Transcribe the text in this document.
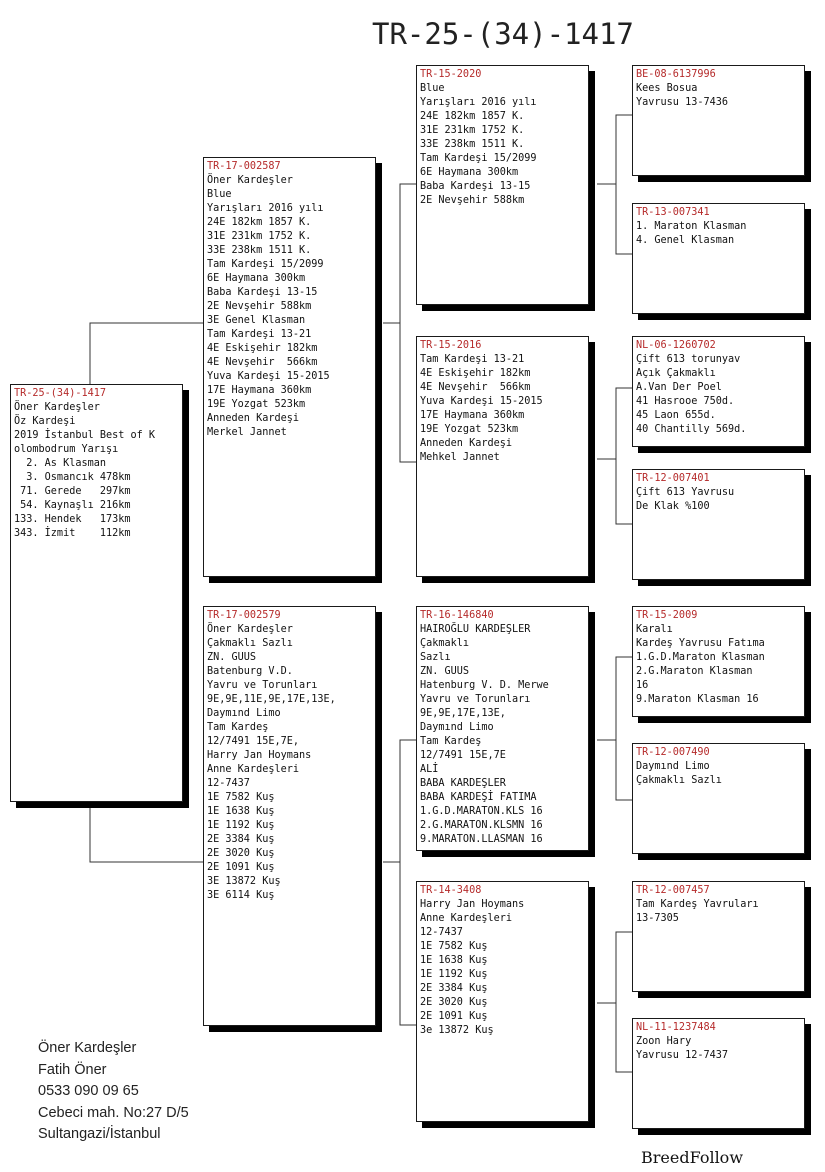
TR-25-(34)-1417
TR-25-(34)-1417
Öner Kardeşler
Öz Kardeşi
2019 İstanbul Best of K
olombodrum Yarışı
2. As Klasman
3. Osmancık 478km
71. Gerede   297km
54. Kaynaşlı 216km
133. Hendek   173km
343. İzmit    112km
TR-17-002587
Öner Kardeşler
Blue
Yarışları 2016 yılı
24E 182km 1857 K.
31E 231km 1752 K.
33E 238km 1511 K.
Tam Kardeşi 15/2099
6E Haymana 300km
Baba Kardeşi 13-15
2E Nevşehir 588km
3E Genel Klasman
Tam Kardeşi 13-21
4E Eskişehir 182km
4E Nevşehir  566km
Yuva Kardeşi 15-2015
17E Haymana 360km
19E Yozgat 523km
Anneden Kardeşi
Merkel Jannet
TR-17-002579
Öner Kardeşler
Çakmaklı Sazlı
ZN. GUUS
Batenburg V.D.
Yavru ve Torunları
9E,9E,11E,9E,17E,13E,
Daymınd Limo
Tam Kardeş
12/7491 15E,7E,
Harry Jan Hoymans
Anne Kardeşleri
12-7437
1E 7582 Kuş
1E 1638 Kuş
1E 1192 Kuş
2E 3384 Kuş
2E 3020 Kuş
2E 1091 Kuş
3E 13872 Kuş
3E 6114 Kuş
TR-15-2020
Blue
Yarışları 2016 yılı
24E 182km 1857 K.
31E 231km 1752 K.
33E 238km 1511 K.
Tam Kardeşi 15/2099
6E Haymana 300km
Baba Kardeşi 13-15
2E Nevşehir 588km
TR-15-2016
Tam Kardeşi 13-21
4E Eskişehir 182km
4E Nevşehir  566km
Yuva Kardeşi 15-2015
17E Haymana 360km
19E Yozgat 523km
Anneden Kardeşi
Mehkel Jannet
TR-16-146840
HAIROĞLU KARDEŞLER
Çakmaklı
Sazlı
ZN. GUUS
Hatenburg V. D. Merwe
Yavru ve Torunları
9E,9E,17E,13E,
Daymınd Limo
Tam Kardeş
12/7491 15E,7E
ALİ
BABA KARDEŞLER
BABA KARDEŞİ FATIMA
1.G.D.MARATON.KLS 16
2.G.MARATON.KLSMN 16
9.MARATON.LLASMAN 16
TR-14-3408
Harry Jan Hoymans
Anne Kardeşleri
12-7437
1E 7582 Kuş
1E 1638 Kuş
1E 1192 Kuş
2E 3384 Kuş
2E 3020 Kuş
2E 1091 Kuş
3e 13872 Kuş
BE-08-6137996
Kees Bosua
Yavrusu 13-7436
TR-13-007341
1. Maraton Klasman
4. Genel Klasman
NL-06-1260702
Çift 613 torunyav
Açık Çakmaklı
A.Van Der Poel
41 Hasrooe 750d.
45 Laon 655d.
40 Chantilly 569d.
TR-12-007401
Çift 613 Yavrusu
De Klak %100
TR-15-2009
Karalı
Kardeş Yavrusu Fatıma
1.G.D.Maraton Klasman
2.G.Maraton Klasman
16
9.Maraton Klasman 16
TR-12-007490
Daymınd Limo
Çakmaklı Sazlı
TR-12-007457
Tam Kardeş Yavruları
13-7305
NL-11-1237484
Zoon Hary
Yavrusu 12-7437
Öner Kardeşler
Fatih Öner
0533 090 09 65
Cebeci mah. No:27 D/5
Sultangazi/İstanbul
BreedFollow
